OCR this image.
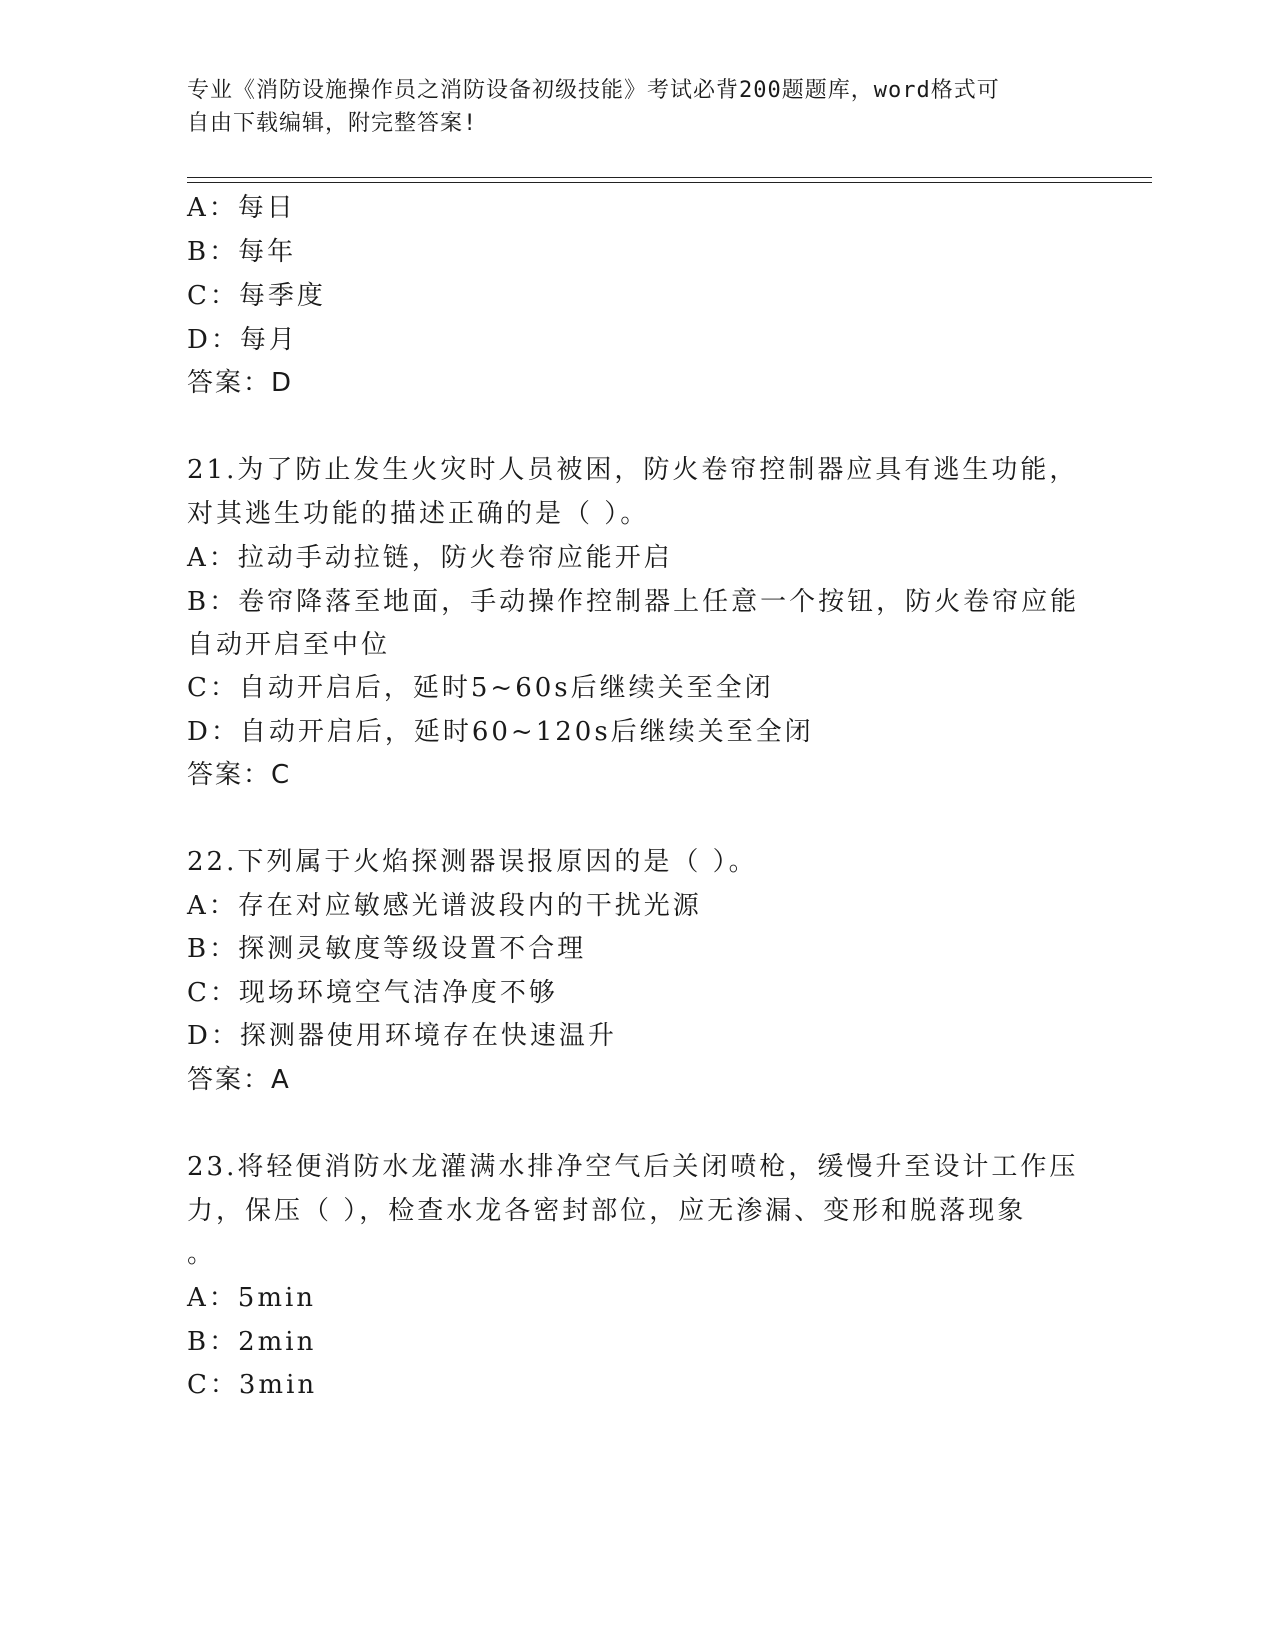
专业《消防设施操作员之消防设备初级技能》考试必背200题题库，word格式可
自由下载编辑，附完整答案!
A：每日
B：每年
C：每季度
D：每月
答案：D
21.为了防止发生火灾时人员被困，防火卷帘控制器应具有逃生功能，
对其逃生功能的描述正确的是（ ）。
A：拉动手动拉链，防火卷帘应能开启
B：卷帘降落至地面，手动操作控制器上任意一个按钮，防火卷帘应能
自动开启至中位
C：自动开启后，延时5~60s后继续关至全闭
D：自动开启后，延时60~120s后继续关至全闭
答案：C
22.下列属于火焰探测器误报原因的是（ ）。
A：存在对应敏感光谱波段内的干扰光源
B：探测灵敏度等级设置不合理
C：现场环境空气洁净度不够
D：探测器使用环境存在快速温升
答案：A
23.将轻便消防水龙灌满水排净空气后关闭喷枪，缓慢升至设计工作压
力，保压（ ），检查水龙各密封部位，应无渗漏、变形和脱落现象
。
A：5min
B：2min
C：3min
